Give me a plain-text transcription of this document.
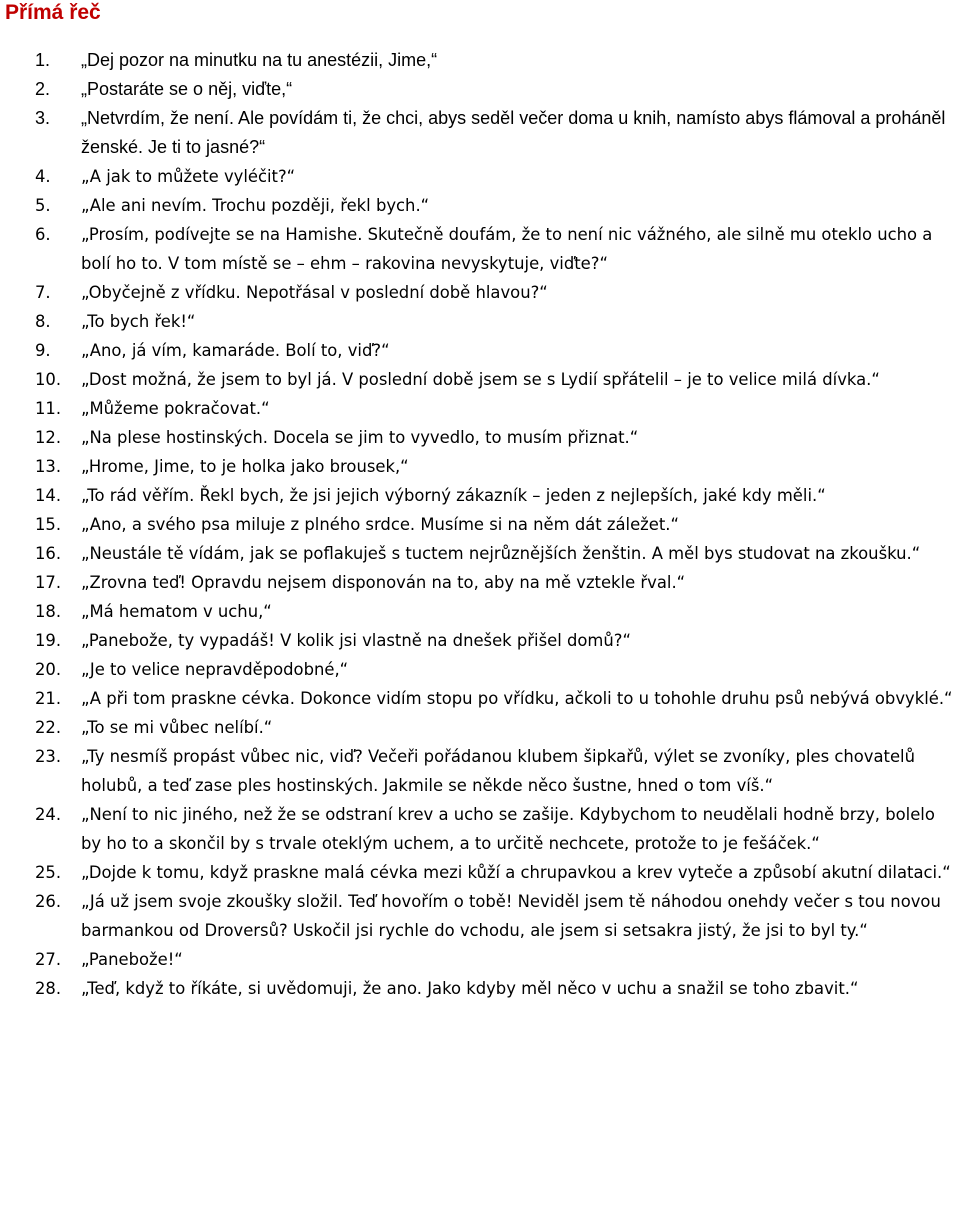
Přímá řeč
1. „Dej pozor na minutku na tu anestézii, Jime,“
2. „Postaráte se o něj, viďte,“
3. „Netvrdím, že není. Ale povídám ti, že chci, abys seděl večer doma u knih, namísto abys flámoval a proháněl ženské. Je ti to jasné?“
4. „A jak to můžete vyléčit?“
5. „Ale ani nevím. Trochu později, řekl bych.“
6. „Prosím, podívejte se na Hamishe. Skutečně doufám, že to není nic vážného, ale silně mu oteklo ucho a bolí ho to. V tom místě se – ehm – rakovina nevyskytuje, viďte?“
7. „Obyčejně z vřídku. Nepotřásal v poslední době hlavou?“
8. „To bych řek!“
9. „Ano, já vím, kamaráde. Bolí to, viď?“
10. „Dost možná, že jsem to byl já. V poslední době jsem se s Lydií spřátelil – je to velice milá dívka.“
11. „Můžeme pokračovat.“
12. „Na plese hostinských. Docela se jim to vyvedlo, to musím přiznat.“
13. „Hrome, Jime, to je holka jako brousek,“
14. „To rád věřím. Řekl bych, že jsi jejich výborný zákazník – jeden z nejlepších, jaké kdy měli.“
15. „Ano, a svého psa miluje z plného srdce. Musíme si na něm dát záležet.“
16. „Neustále tě vídám, jak se poflakuješ s tuctem nejrůznějších ženštin. A měl bys studovat na zkoušku.“
17. „Zrovna teď! Opravdu nejsem disponován na to, aby na mě vztekle řval.“
18. „Má hematom v uchu,“
19. „Panebože, ty vypadáš! V kolik jsi vlastně na dnešek přišel domů?“
20. „Je to velice nepravděpodobné,“
21. „A při tom praskne cévka. Dokonce vidím stopu po vřídku, ačkoli to u tohohle druhu psů nebývá obvyklé.“
22. „To se mi vůbec nelíbí.“
23. „Ty nesmíš propást vůbec nic, viď? Večeři pořádanou klubem šipkařů, výlet se zvoníky, ples chovatelů holubů, a teď zase ples hostinských. Jakmile se někde něco šustne, hned o tom víš.“
24. „Není to nic jiného, než že se odstraní krev a ucho se zašije. Kdybychom to neudělali hodně brzy, bolelo by ho to a skončil by s trvale oteklým uchem, a to určitě nechcete, protože to je fešáček.“
25. „Dojde k tomu, když praskne malá cévka mezi kůží a chrupavkou a krev vyteče a způsobí akutní dilataci.“
26. „Já už jsem svoje zkoušky složil. Teď hovořím o tobě! Neviděl jsem tě náhodou onehdy večer s tou novou barmankou od Droversů? Uskočil jsi rychle do vchodu, ale jsem si setsakra jistý, že jsi to byl ty.“
27. „Panebože!“
28. „Teď, když to říkáte, si uvědomuji, že ano. Jako kdyby měl něco v uchu a snažil se toho zbavit.“
